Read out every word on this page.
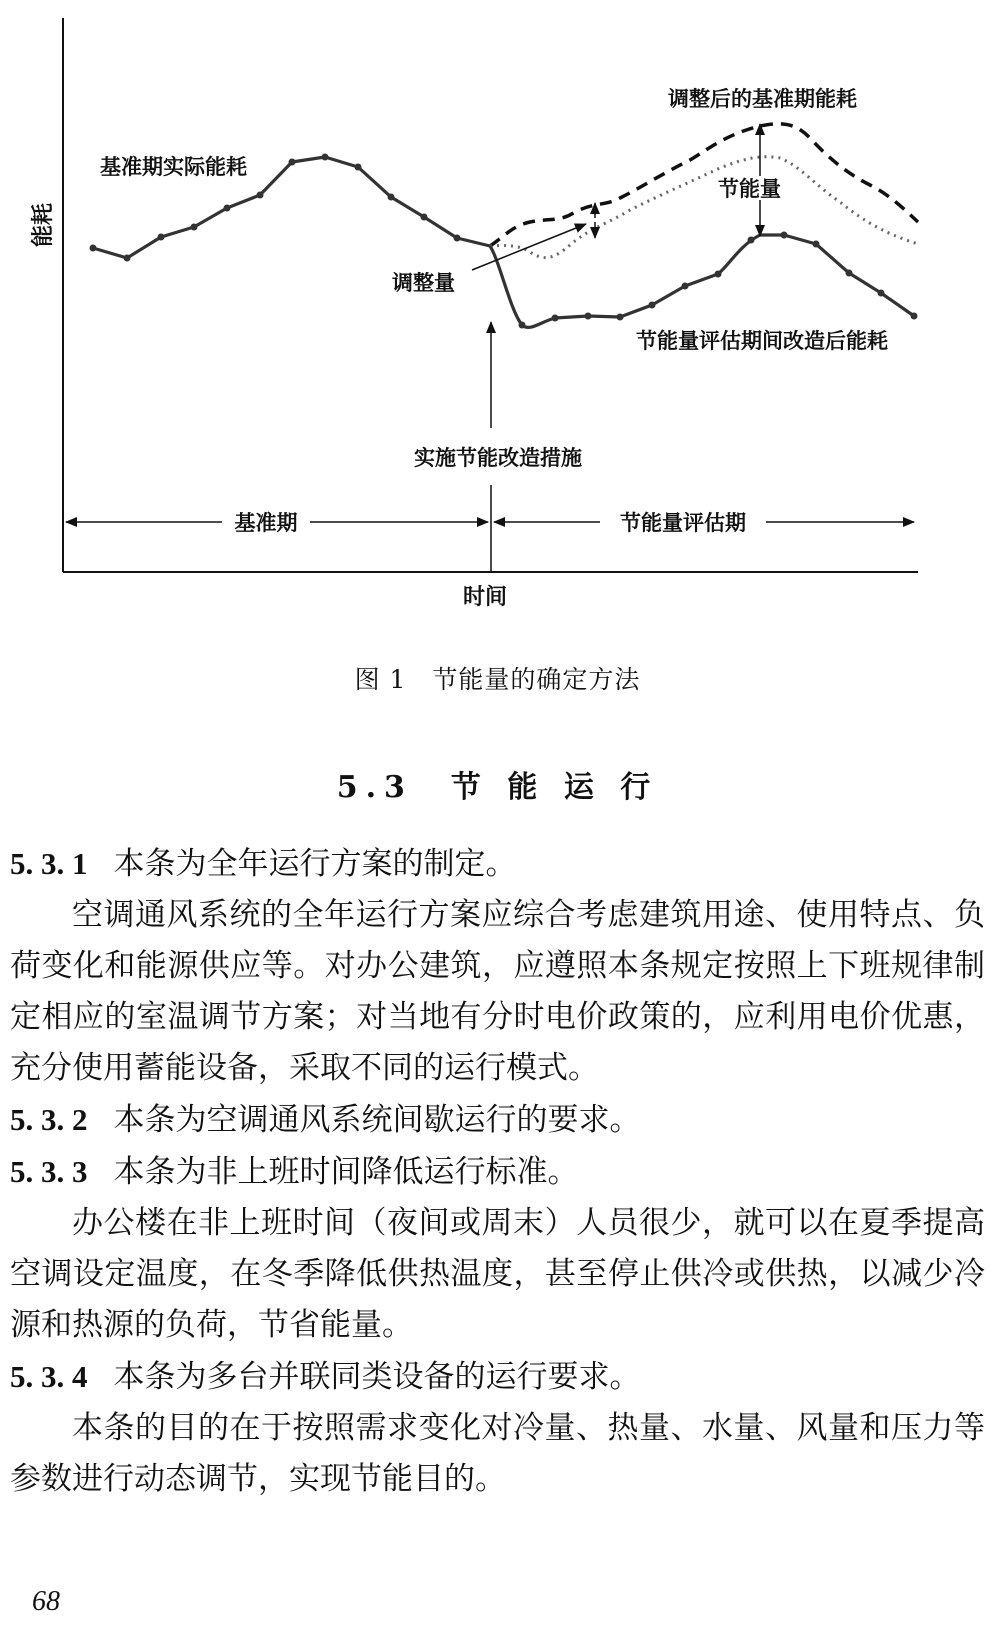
能耗
时间
基准期实际能耗
调整后的基准期能耗
节能量
调整量
节能量评估期间改造后能耗
实施节能改造措施
基准期	节能量评估期
图 1　节能量的确定方法
5.3　节 能 运 行

5. 3. 1 本条为全年运行方案的制定。

空调通风系统的全年运行方案应综合考虑建筑用途、使用特点、负荷变化和能源供应等。对办公建筑，应遵照本条规定按照上下班规律制定相应的室温调节方案；对当地有分时电价政策的，应利用电价优惠，充分使用蓄能设备，采取不同的运行模式。

5. 3. 2 本条为空调通风系统间歇运行的要求。

5. 3. 3 本条为非上班时间降低运行标准。

办公楼在非上班时间（夜间或周末）人员很少，就可以在夏季提高空调设定温度，在冬季降低供热温度，甚至停止供冷或供热，以减少冷源和热源的负荷，节省能量。

5. 3. 4 本条为多台并联同类设备的运行要求。

本条的目的在于按照需求变化对冷量、热量、水量、风量和压力等参数进行动态调节，实现节能目的。

68
